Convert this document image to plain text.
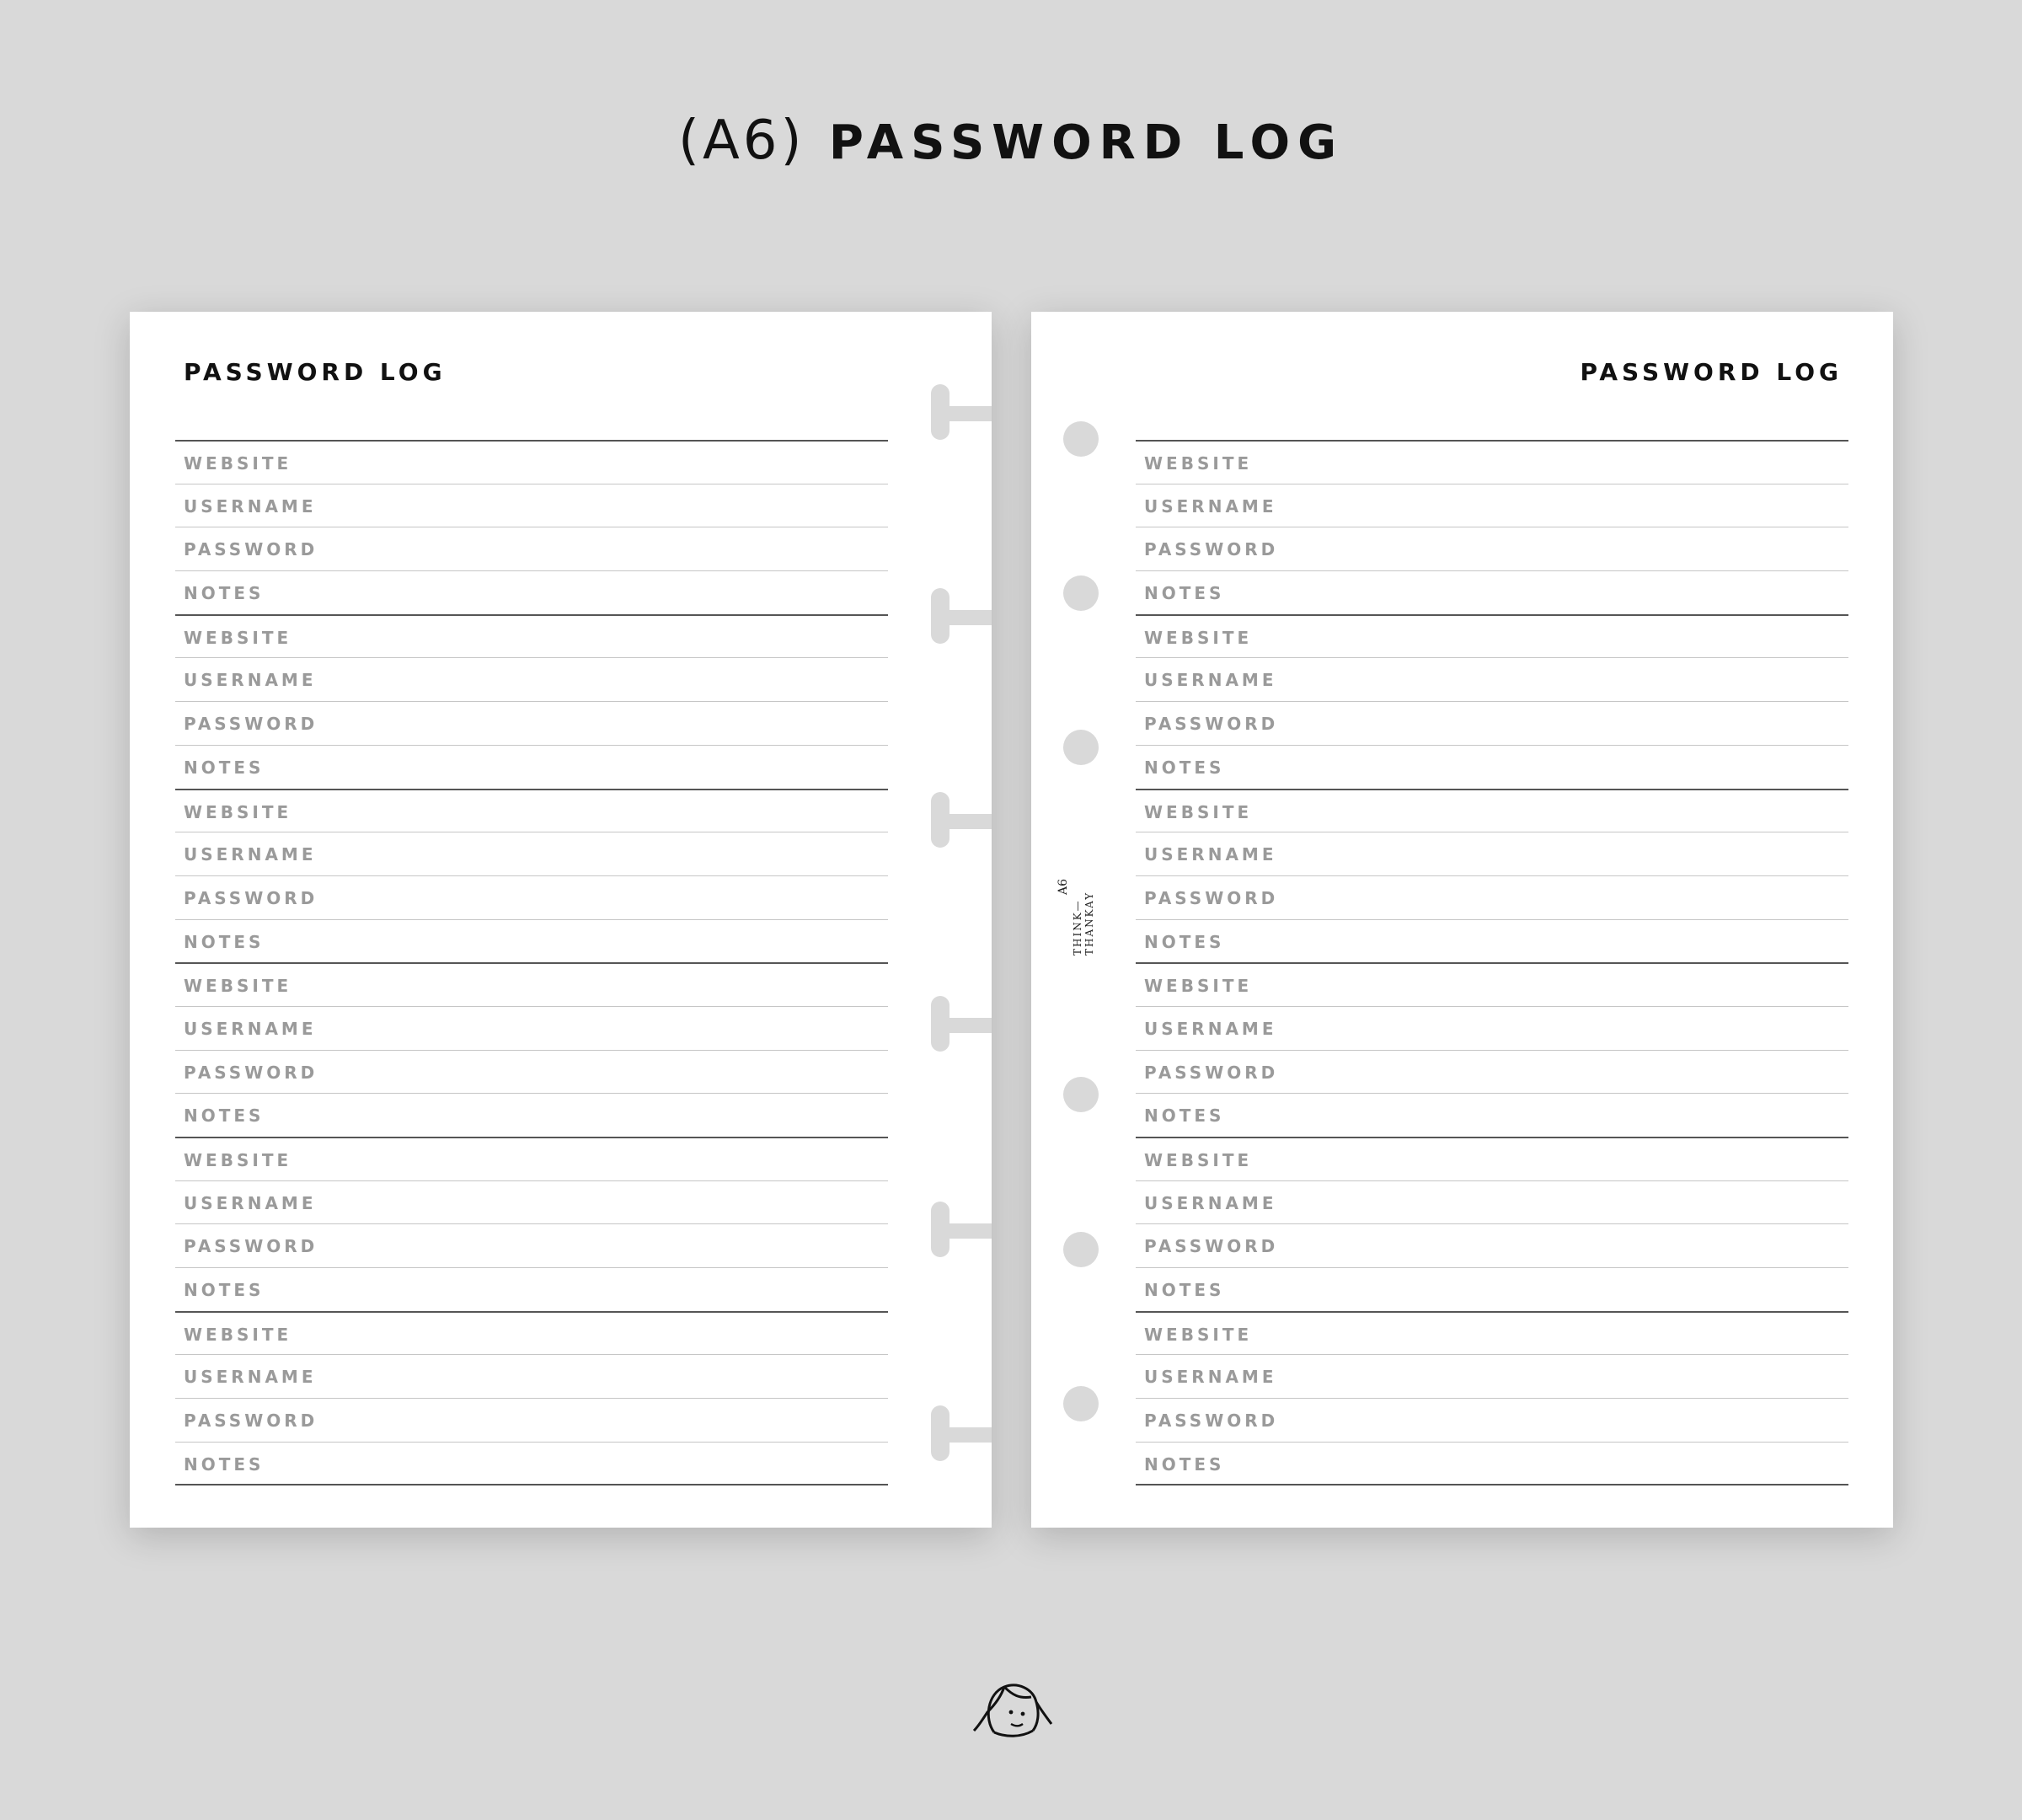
(A6) PASSWORD LOG
PASSWORD LOG
WEBSITE
USERNAME
PASSWORD
NOTES
WEBSITE
USERNAME
PASSWORD
NOTES
WEBSITE
USERNAME
PASSWORD
NOTES
WEBSITE
USERNAME
PASSWORD
NOTES
WEBSITE
USERNAME
PASSWORD
NOTES
WEBSITE
USERNAME
PASSWORD
NOTES
PASSWORD LOG
A6
THINK— THANKAY
WEBSITE
USERNAME
PASSWORD
NOTES
WEBSITE
USERNAME
PASSWORD
NOTES
WEBSITE
USERNAME
PASSWORD
NOTES
WEBSITE
USERNAME
PASSWORD
NOTES
WEBSITE
USERNAME
PASSWORD
NOTES
WEBSITE
USERNAME
PASSWORD
NOTES
